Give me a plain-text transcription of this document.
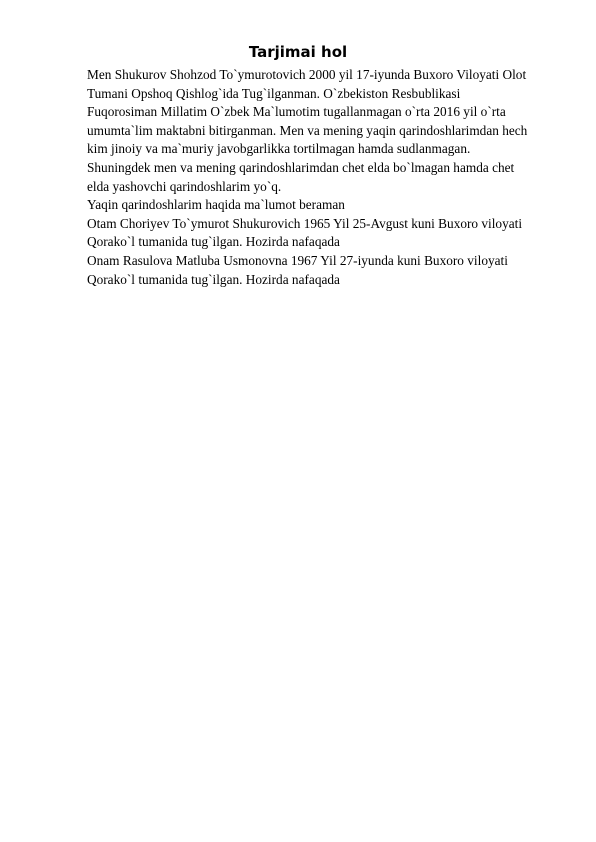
Tarjimai hol
Men Shukurov Shohzod To`ymurotovich 2000 yil 17-iyunda Buxoro Viloyati Olot
Tumani Opshoq Qishlog`ida Tug`ilganman. O`zbekiston Resbublikasi
Fuqorosiman Millatim O`zbek Ma`lumotim tugallanmagan o`rta 2016 yil o`rta
umumta`lim maktabni bitirganman. Men va mening yaqin qarindoshlarimdan hech
kim jinoiy va ma`muriy javobgarlikka tortilmagan hamda sudlanmagan.
Shuningdek men va mening qarindoshlarimdan chet elda bo`lmagan hamda chet
elda yashovchi qarindoshlarim yo`q.
Yaqin qarindoshlarim haqida ma`lumot beraman
Otam Choriyev To`ymurot Shukurovich 1965 Yil 25-Avgust kuni Buxoro viloyati
Qorako`l tumanida tug`ilgan. Hozirda nafaqada
Onam Rasulova Matluba Usmonovna 1967 Yil 27-iyunda kuni Buxoro viloyati
Qorako`l tumanida tug`ilgan. Hozirda nafaqada
